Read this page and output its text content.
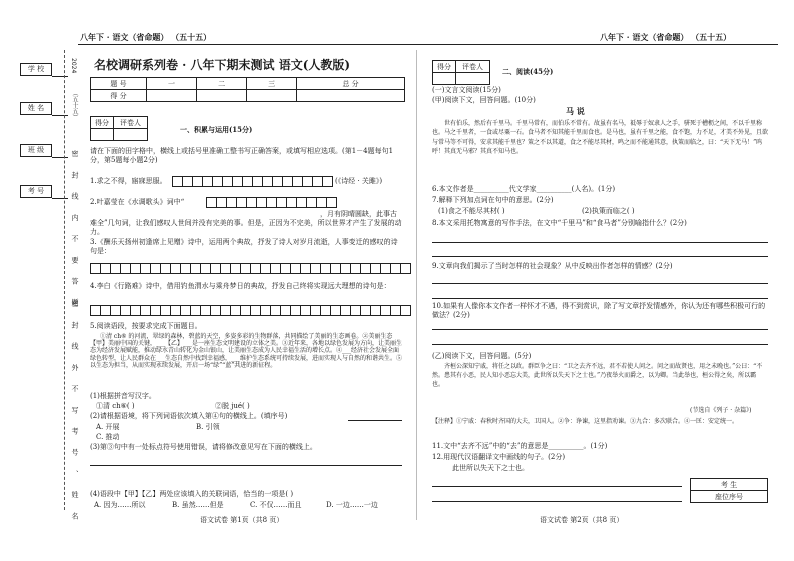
八年下 · 语文（省命题） （五十五）	八年下 · 语文（省命题） （五十五）
学 校
姓 名
班 级
考 号
2024
（五十五）
密 封 线 内 不 要 答 题
密 封 线 外 不 写 考 号 、 姓 名
名校调研系列卷 · 八年下期末测试 语文(人教版)
题 号	一	二	三	总 分
得 分				
得分	评卷人

一、积累与运用(15分)
请在下面的田字格中，横线上或括号里准确工整书写正确答案，或填写相应选项。(第1－4题每句1分，第5题每小题2分)
1.求之不得，寤寐思服。	(《诗经 · 关雎》)
2.叶嘉莹在《水调歌头》词中“
，月有阴晴圆缺，此事古难全”几句词，让我们感叹人世间并没有完美的事。但是，正因为不完美，所以世界才产生了发展的动力。
3.《酬乐天扬州初逢席上见赠》诗中，运用两个典故，抒发了诗人对岁月流逝，人事变迁的感叹的诗句是：
4.李白《行路难》诗中，借用钓鱼渭水与乘舟梦日的典故，抒发自己终将实现远大理想的诗句是：
5.阅读语段，按要求完成下面题目。
①清 ch⑥ 的河流，翠绿的森林，碧蓝的天空，多姿多彩的生物群落，共同描绘了美丽的生态画卷。②美丽生态【甲】美丽中国的关键，___【乙】___是一座生态文明建设的立体之美。③近年来，各地以绿色发展为方向，让美丽生态为经济发展赋能，推动绿水青山转化为金山银山，让美丽生态成为人民幸福生活的增长点。④___经济社会发展全面绿色转型，让人民群众在___生态自然中找到幸福感，___维护生态系统可持续发展，进而实现人与自然的和谐共生。⑤以生态为担当，从而实现永续发展，开启一场“绿”“蓝”共进的新征程。
(1)根据拼音写汉字。
①清 ch⑥( )	②脱 jué( )
(2)请根据语境，将下列词语依次填入第④句的横线上。(填序号)
A. 开展	B. 引领
C. 推动
(3)第③句中有一处标点符号使用错误，请将修改意见写在下面的横线上。
(4)语段中【甲】【乙】两处应该填入的关联词语，恰当的一项是( )
A. 因为……所以	B. 虽然……但是	C. 不仅……而且	D. 一边……一边
语文试卷 第1页（共8 页）
得分	评卷人

二、阅读(45分)
(一)文言文阅读(15分)
(甲)阅读下文，回答问题。(10分)
马 说
世有伯乐，然后有千里马。千里马常有，而伯乐不常有。故虽有名马，祗辱于奴隶人之手，骈死于槽枥之间，不以千里称也。马之千里者，一食或尽粟一石。食马者不知其能千里而食也。是马也，虽有千里之能，食不饱，力不足，才美不外见，且欲与常马等不可得，安求其能千里也？策之不以其道，食之不能尽其材，鸣之而不能通其意，执策而临之，曰：“天下无马！”呜呼！其真无马邪？其真不知马也。
6.本文作者是__________代文学家__________(人名)。(1分)
7.解释下列加点词在句中的意思。(2分)
(1)食之不能尽其材( )	(2)执策而临之( )
8.本文采用托物寓意的写作手法，在文中“千里马”和“食马者”分别喻指什么？(2分)
9.文章向我们揭示了当时怎样的社会现象？从中反映出作者怎样的情感？(2分)
10.如果有人像你本文作者一样怀才不遇，得不到赏识，除了写文章抒发情感外，你认为还有哪些积极可行的做法？(2分)
(乙)阅读下文，回答问题。(5分)
齐桓公深知宁戚，将任之以政。群臣争之曰：“卫之去齐不远，君不若使人问之。问之而故贤也，用之未晚也。”公曰：“不然。患其有小恶，民人知小恶忘大美，此世所以失天下之士也。”乃夜举火而爵之，以为卿。当此举也，桓公得之矣，所以霸也。
(节选自《列子 · 杂篇》)
【注释】①宁戚：春秋时齐国的大夫，卫国人。②争：诤谏，这里指劝谏。③九合：多次联合。④一匡：安定统一。
11.文中“去齐不远”中的“去”的意思是__________。(1分)
12.用现代汉语翻译文中画线的句子。(2分)
此世所以失天下之士也。
考 生
座位序号
语文试卷 第2页（共8 页）
